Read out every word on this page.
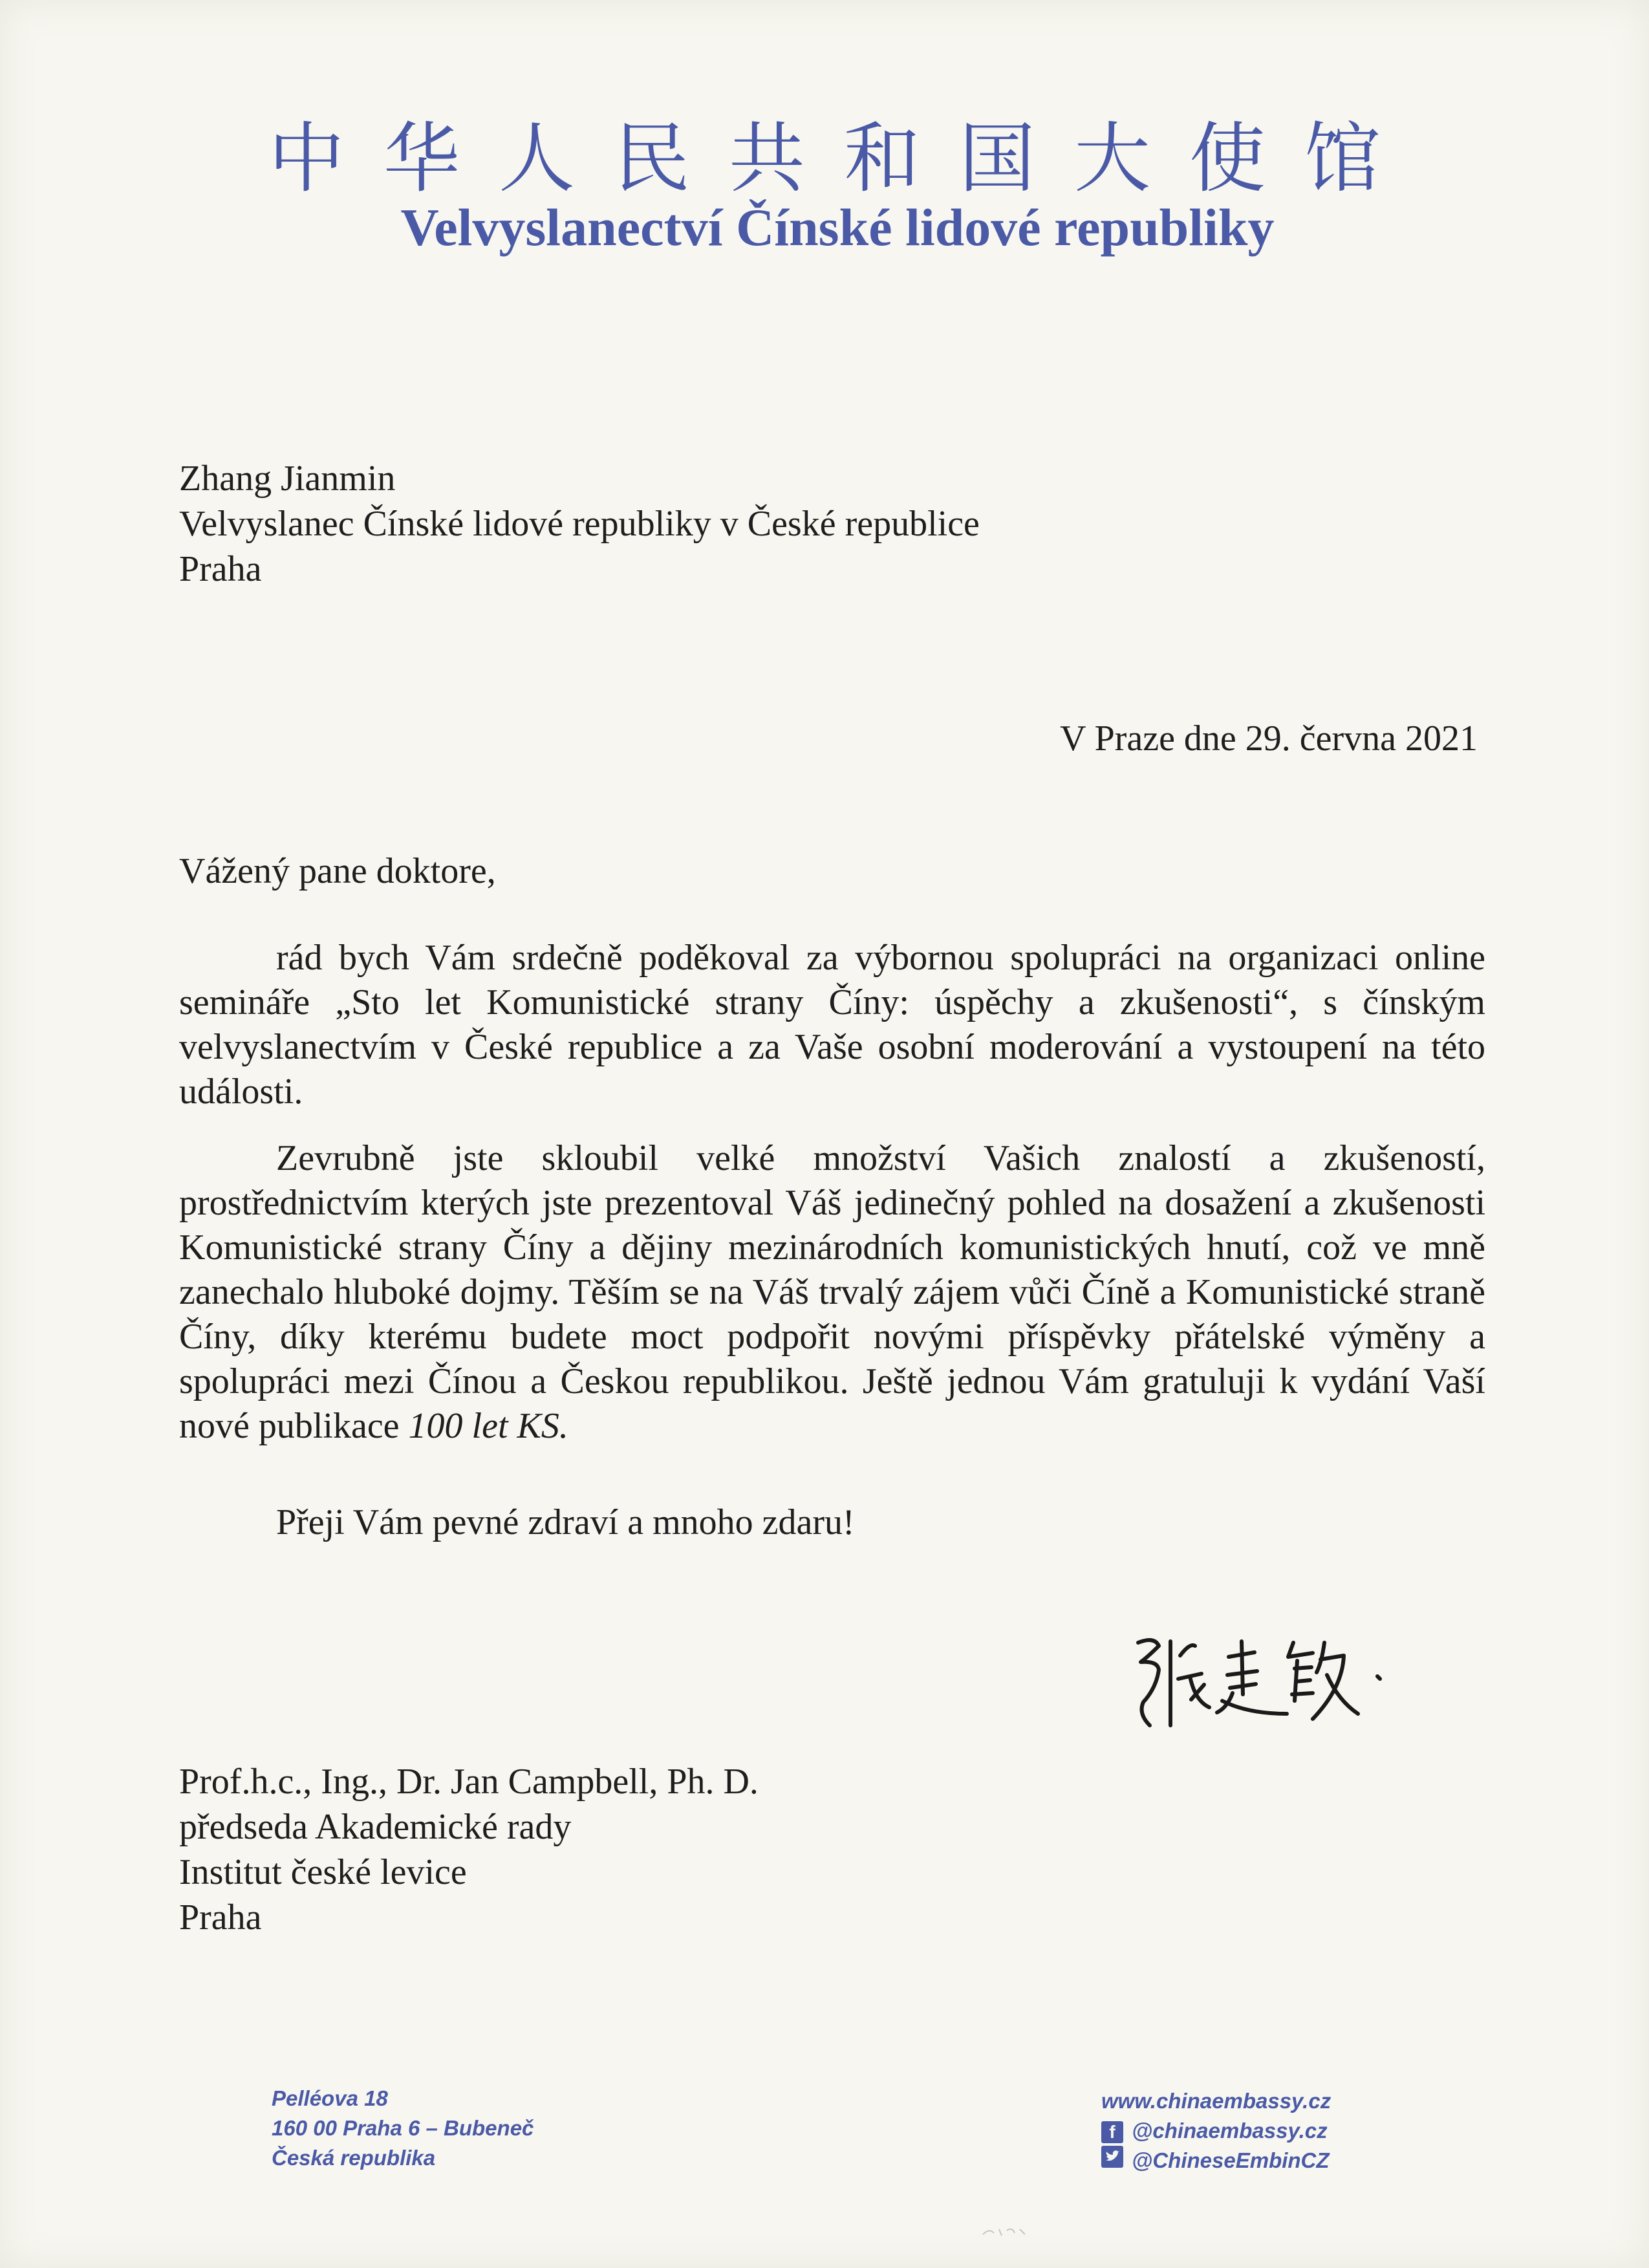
中华人民共和国大使馆
Velvyslanectví Čínské lidové republiky
Zhang Jianmin
Velvyslanec Čínské lidové republiky v České republice
Praha
V Praze dne 29. června 2021
Vážený pane doktore,
rád bych Vám srdečně poděkoval za výbornou spolupráci na organizaci online semináře „Sto let Komunistické strany Číny: úspěchy a zkušenosti“, s čínským velvyslanectvím v České republice a za Vaše osobní moderování a vystoupení na této události.
Zevrubně jste skloubil velké množství Vašich znalostí a zkušeností, prostřednictvím kterých jste prezentoval Váš jedinečný pohled na dosažení a zkušenosti Komunistické strany Číny a dějiny mezinárodních komunistických hnutí, což ve mně zanechalo hluboké dojmy. Těším se na Váš trvalý zájem vůči Číně a Komunistické straně Číny, díky kterému budete moct podpořit novými příspěvky přátelské výměny a spolupráci mezi Čínou a Českou republikou. Ještě jednou Vám gratuluji k vydání Vaší nové publikace 100 let KS.
Přeji Vám pevné zdraví a mnoho zdaru!
Prof.h.c., Ing., Dr. Jan Campbell, Ph. D.
předseda Akademické rady
Institut české levice
Praha
Pelléova 18
160 00 Praha 6 – Bubeneč
Česká republika
www.chinaembassy.cz
f @chinaembassy.cz
@ChineseEmbinCZ
